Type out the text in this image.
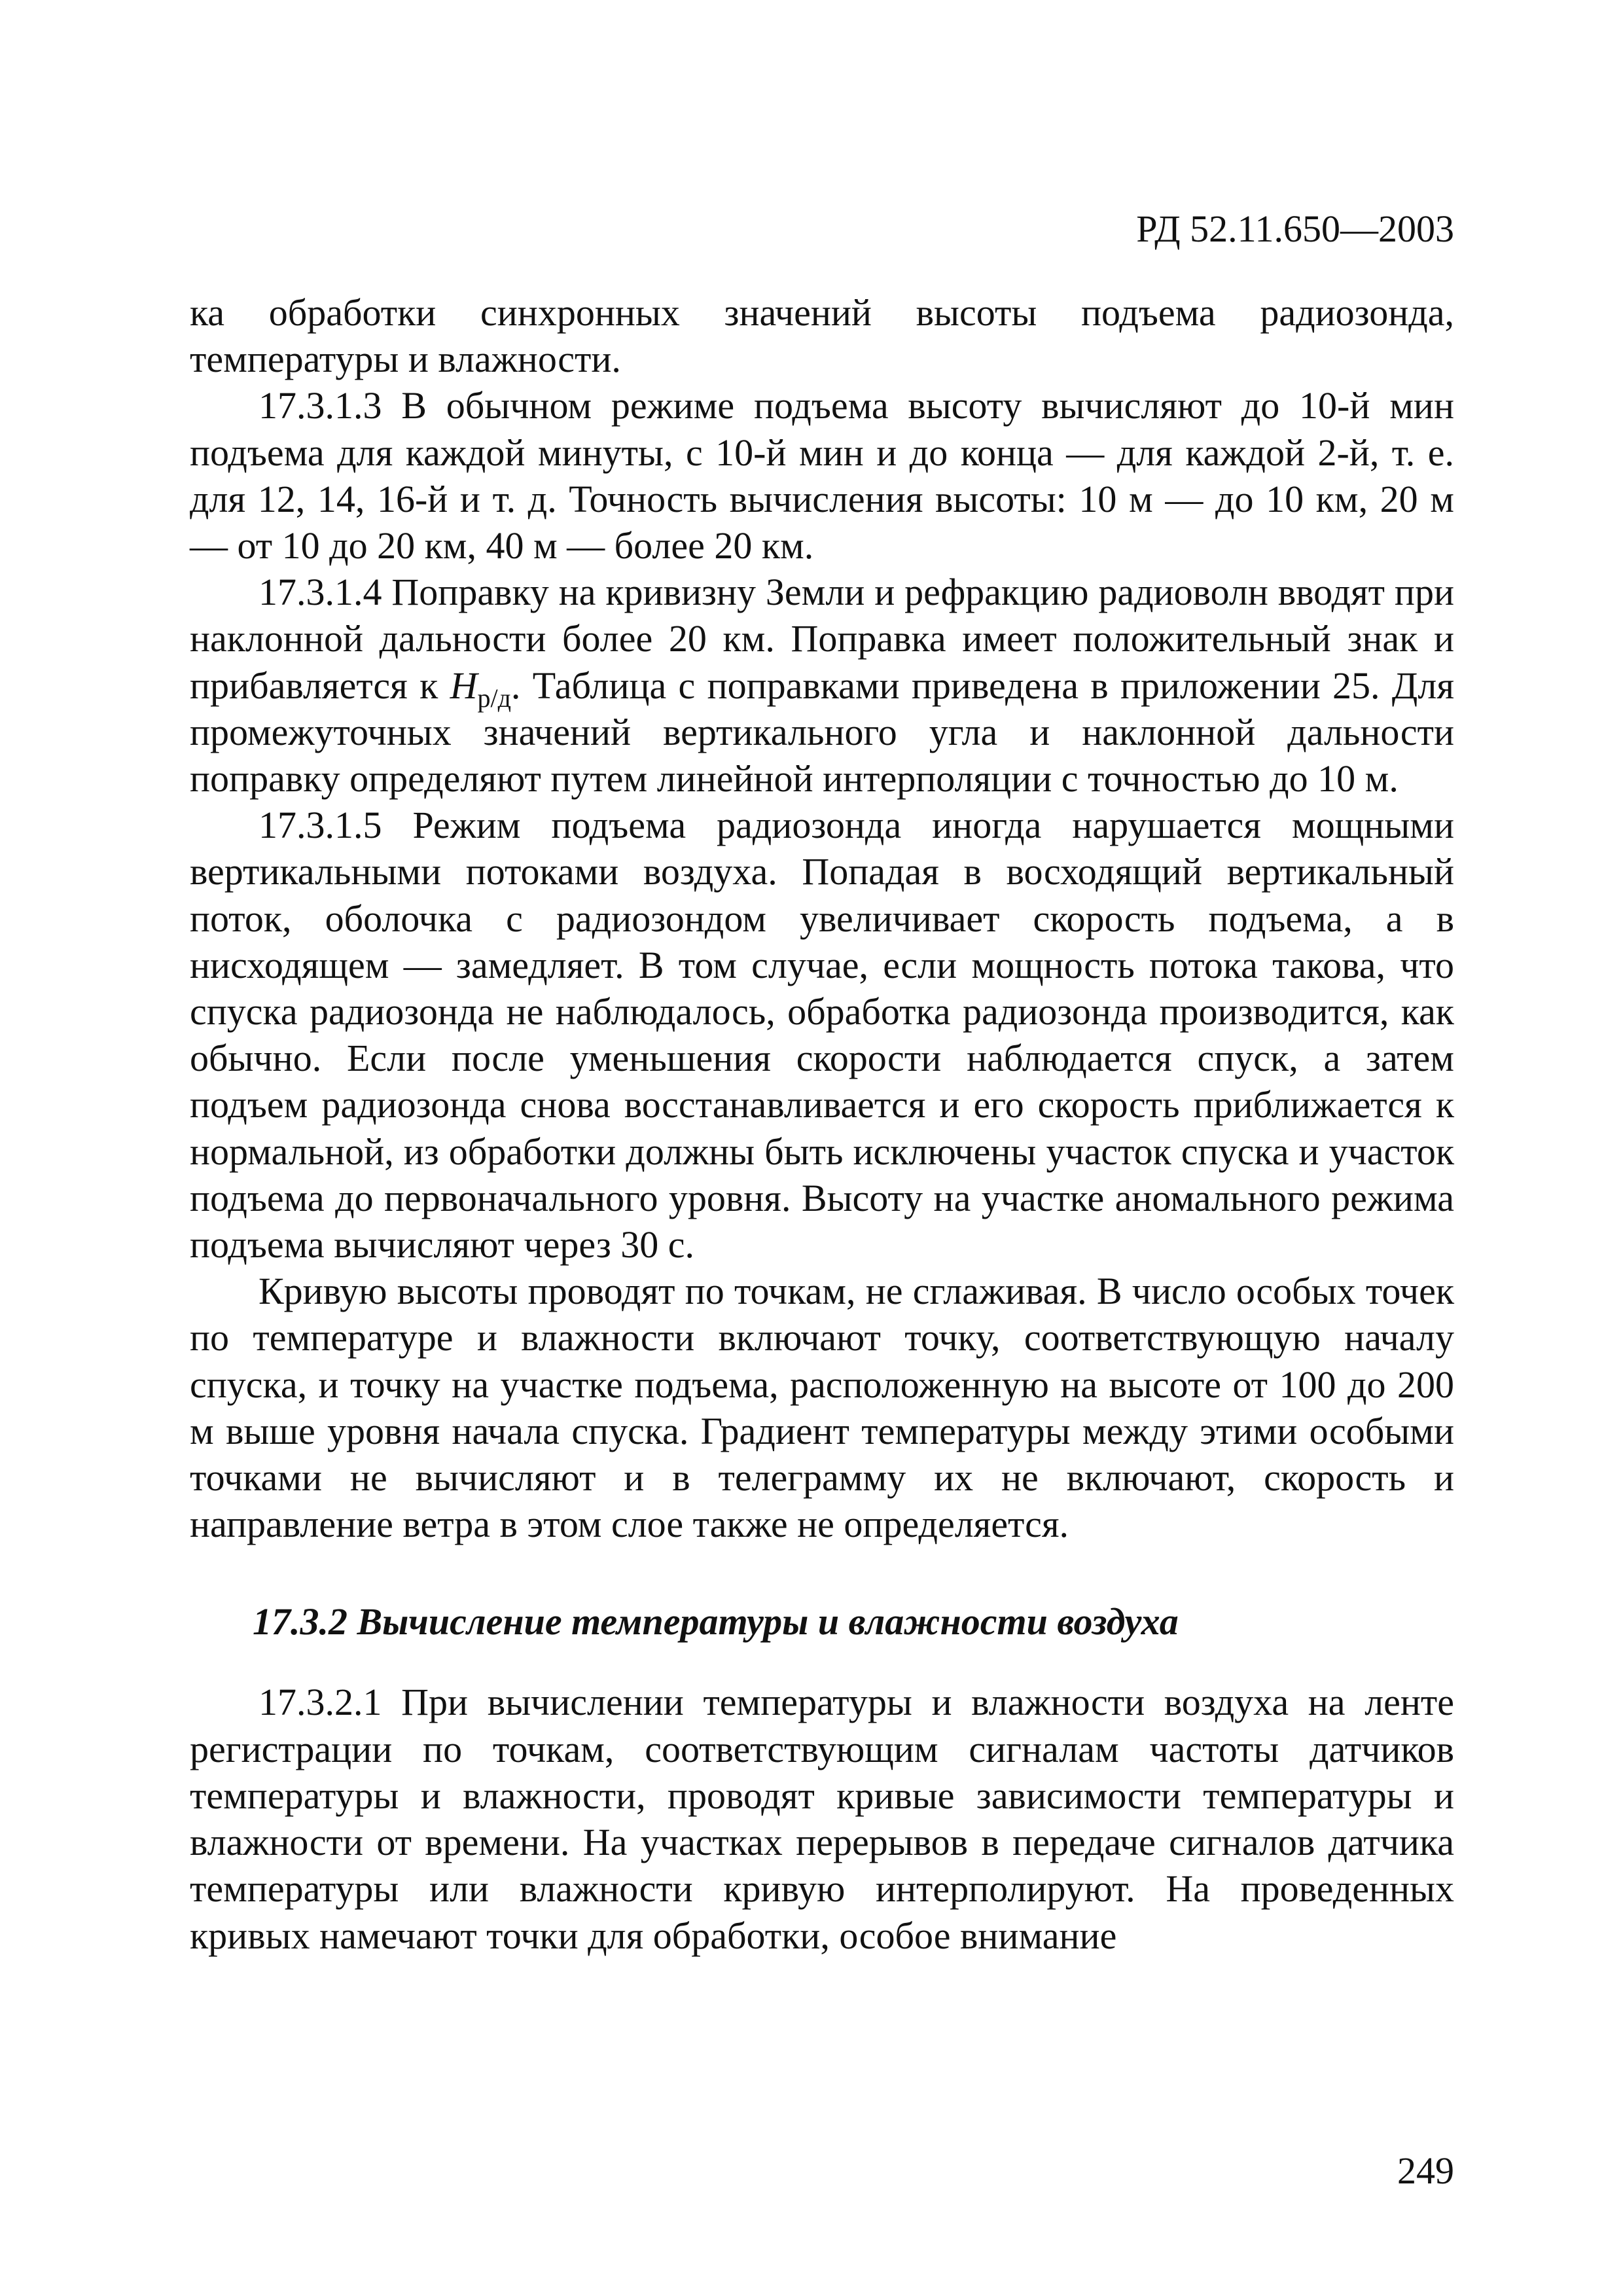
РД 52.11.650—2003

ка обработки синхронных значений высоты подъема радиозонда, температуры и влажности.

17.3.1.3 В обычном режиме подъема высоту вычисляют до 10-й мин подъема для каждой минуты, с 10-й мин и до конца — для каждой 2-й, т. е. для 12, 14, 16-й и т. д. Точность вычисления высоты: 10 м — до 10 км, 20 м — от 10 до 20 км, 40 м — более 20 км.

17.3.1.4 Поправку на кривизну Земли и рефракцию радиоволн вводят при наклонной дальности более 20 км. Поправка имеет положительный знак и прибавляется к $H_{р/д}$. Таблица с поправками приведена в приложении 25. Для промежуточных значений вертикального угла и наклонной дальности поправку определяют путем линейной интерполяции с точностью до 10 м.

17.3.1.5 Режим подъема радиозонда иногда нарушается мощными вертикальными потоками воздуха. Попадая в восходящий вертикальный поток, оболочка с радиозондом увеличивает скорость подъема, а в нисходящем — замедляет. В том случае, если мощность потока такова, что спуска радиозонда не наблюдалось, обработка радиозонда производится, как обычно. Если после уменьшения скорости наблюдается спуск, а затем подъем радиозонда снова восстанавливается и его скорость приближается к нормальной, из обработки должны быть исключены участок спуска и участок подъема до первоначального уровня. Высоту на участке аномального режима подъема вычисляют через 30 с.

Кривую высоты проводят по точкам, не сглаживая. В число особых точек по температуре и влажности включают точку, соответствующую началу спуска, и точку на участке подъема, расположенную на высоте от 100 до 200 м выше уровня начала спуска. Градиент температуры между этими особыми точками не вычисляют и в телеграмму их не включают, скорость и направление ветра в этом слое также не определяется.

17.3.2 Вычисление температуры и влажности воздуха

17.3.2.1 При вычислении температуры и влажности воздуха на ленте регистрации по точкам, соответствующим сигналам частоты датчиков температуры и влажности, проводят кривые зависимости температуры и влажности от времени. На участках перерывов в передаче сигналов датчика температуры или влажности кривую интерполируют. На проведенных кривых намечают точки для обработки, особое внимание

249
